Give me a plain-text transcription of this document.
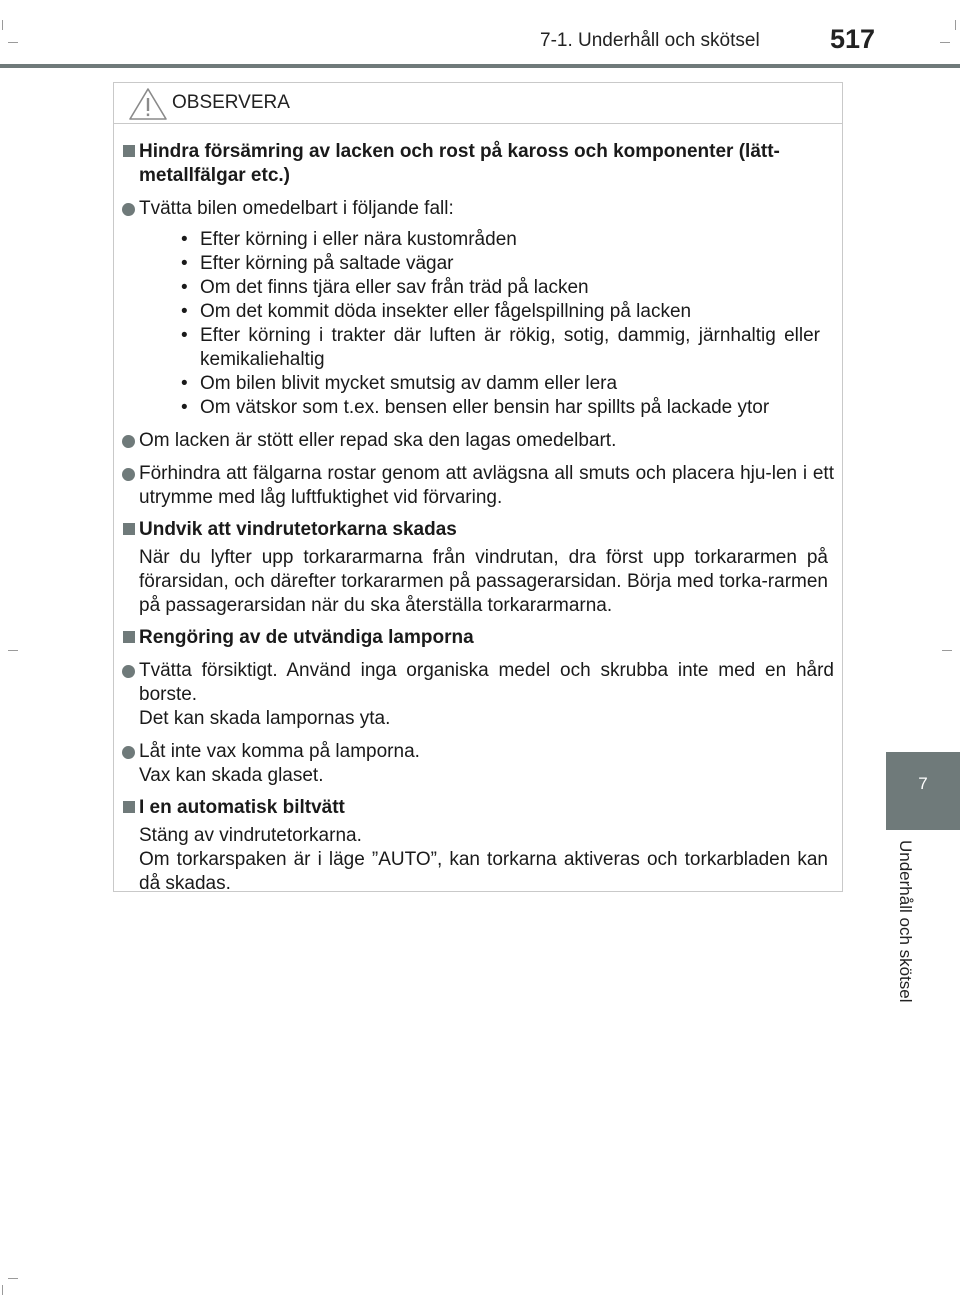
7-1. Underhåll och skötsel	517
7
Underhåll och skötsel
OBSERVERA
Hindra försämring av lacken och rost på kaross och komponenter (lätt-metallfälgar etc.)
Tvätta bilen omedelbart i följande fall:
• Efter körning i eller nära kustområden
• Efter körning på saltade vägar
• Om det finns tjära eller sav från träd på lacken
• Om det kommit döda insekter eller fågelspillning på lacken
• Efter körning i trakter där luften är rökig, sotig, dammig, järnhaltig eller kemikaliehaltig
• Om bilen blivit mycket smutsig av damm eller lera
• Om vätskor som t.ex. bensen eller bensin har spillts på lackade ytor
Om lacken är stött eller repad ska den lagas omedelbart.
Förhindra att fälgarna rostar genom att avlägsna all smuts och placera hju-len i ett utrymme med låg luftfuktighet vid förvaring.
Undvik att vindrutetorkarna skadas
När du lyfter upp torkararmarna från vindrutan, dra först upp torkararmen på förarsidan, och därefter torkararmen på passagerarsidan. Börja med torka-rarmen på passagerarsidan när du ska återställa torkararmarna.
Rengöring av de utvändiga lamporna
Tvätta försiktigt. Använd inga organiska medel och skrubba inte med en hård borste.
Det kan skada lampornas yta.
Låt inte vax komma på lamporna.
Vax kan skada glaset.
I en automatisk biltvätt
Stäng av vindrutetorkarna.
Om torkarspaken är i läge ”AUTO”, kan torkarna aktiveras och torkarbladen kan då skadas.
